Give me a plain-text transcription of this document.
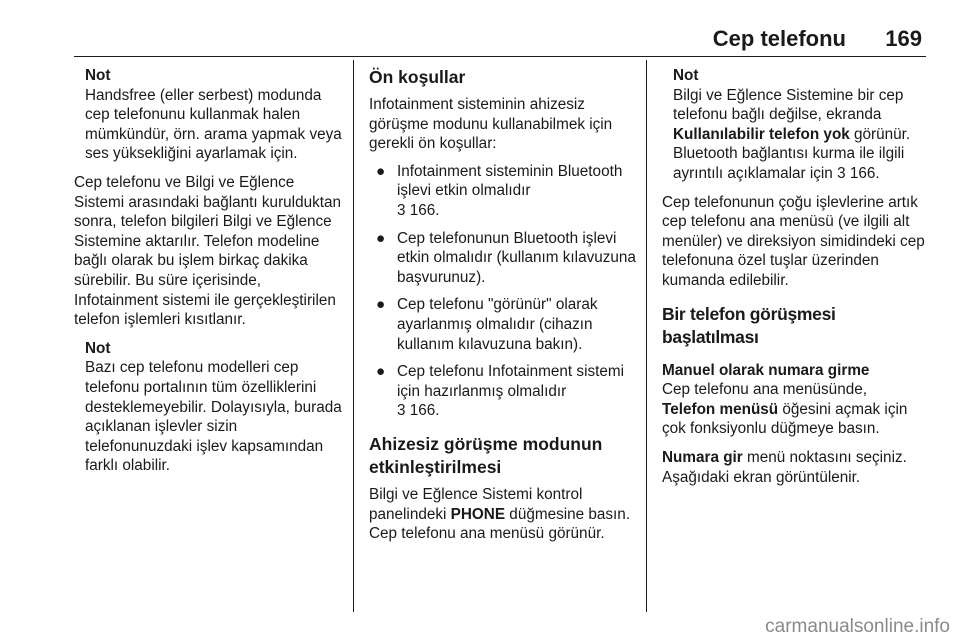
Cep telefonu 169

Not

Handsfree (eller serbest) modunda cep telefonunu kullanmak halen mümkündür, örn. arama yapmak veya ses yüksekliğini ayarlamak için.

Cep telefonu ve Bilgi ve Eğlence Sistemi arasındaki bağlantı kurulduktan sonra, telefon bilgileri Bilgi ve Eğlence Sistemine aktarılır. Telefon modeline bağlı olarak bu işlem birkaç dakika sürebilir. Bu süre içerisinde, Infotainment sistemi ile gerçekleştirilen telefon işlemleri kısıtlanır.

Not

Bazı cep telefonu modelleri cep telefonu portalının tüm özelliklerini desteklemeyebilir. Dolayısıyla, burada açıklanan işlevler sizin telefonunuzdaki işlev kapsamından farklı olabilir.

Ön koşullar

Infotainment sisteminin ahizesiz görüşme modunu kullanabilmek için gerekli ön koşullar:

● Infotainment sisteminin Bluetooth işlevi etkin olmalıdır
3 166.
● Cep telefonunun Bluetooth işlevi etkin olmalıdır (kullanım kılavuzuna başvurunuz).
● Cep telefonu "görünür" olarak ayarlanmış olmalıdır (cihazın kullanım kılavuzuna bakın).
● Cep telefonu Infotainment sistemi için hazırlanmış olmalıdır
3 166.

Ahizesiz görüşme modunun etkinleştirilmesi

Bilgi ve Eğlence Sistemi kontrol panelindeki PHONE düğmesine basın. Cep telefonu ana menüsü görünür.

Not

Bilgi ve Eğlence Sistemine bir cep telefonu bağlı değilse, ekranda Kullanılabilir telefon yok görünür. Bluetooth bağlantısı kurma ile ilgili ayrıntılı açıklamalar için 3 166.

Cep telefonunun çoğu işlevlerine artık cep telefonu ana menüsü (ve ilgili alt menüler) ve direksiyon simidindeki cep telefonuna özel tuşlar üzerinden kumanda edilebilir.

Bir telefon görüşmesi başlatılması

Manuel olarak numara girme

Cep telefonu ana menüsünde,
Telefon menüsü öğesini açmak için çok fonksiyonlu düğmeye basın.

Numara gir menü noktasını seçiniz. Aşağıdaki ekran görüntülenir.

carmanualsonline.info
